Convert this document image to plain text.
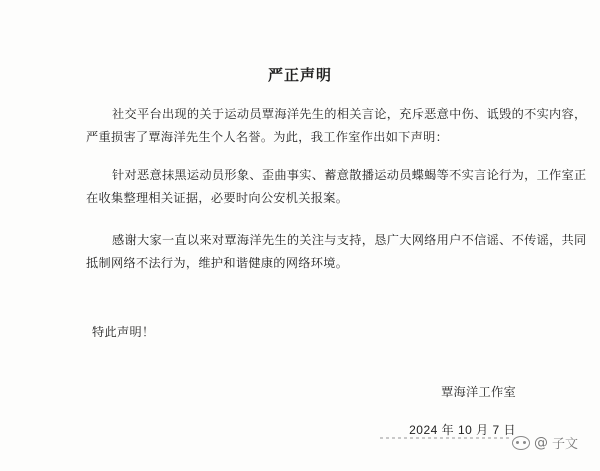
严正声明
社交平台出现的关于运动员覃海洋先生的相关言论，充斥恶意中伤、诋毁的不实内容，
严重损害了覃海洋先生个人名誉。为此，我工作室作出如下声明：
针对恶意抹黑运动员形象、歪曲事实、蓄意散播运动员蝶蝎等不实言论行为，工作室正
在收集整理相关证据，必要时向公安机关报案。
感谢大家一直以来对覃海洋先生的关注与支持，恳广大网络用户不信谣、不传谣，共同
抵制网络不法行为，维护和谐健康的网络环境。
特此声明！
覃海洋工作室
2024 年 10 月 7 日
@ 子文
